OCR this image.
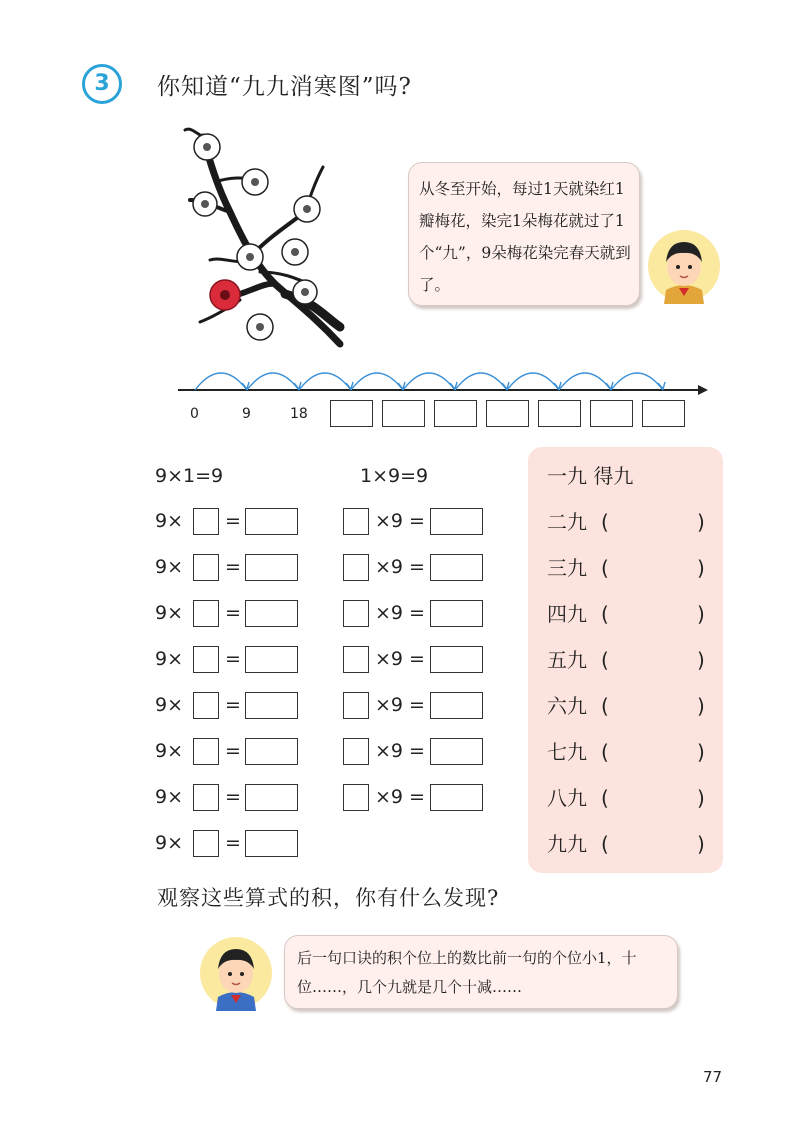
3	你知道“九九消寒图”吗?
从冬至开始，每过1天就染红1瓣梅花，染完1朵梅花就过了1个“九”，9朵梅花染完春天就到了。
0	9	18
9×1=9	1×9=9
9× =	×9 =
9× =	×9 =
9× =	×9 =
9× =	×9 =
9× =	×9 =
9× =	×9 =
9× =	×9 =
9× =
一九 得九
二九 (	)
三九 (	)
四九 (	)
五九 (	)
六九 (	)
七九 (	)
八九 (	)
九九 (	)
观察这些算式的积，你有什么发现?
后一句口诀的积个位上的数比前一句的个位小1，十位……，几个九就是几个十减……
77
